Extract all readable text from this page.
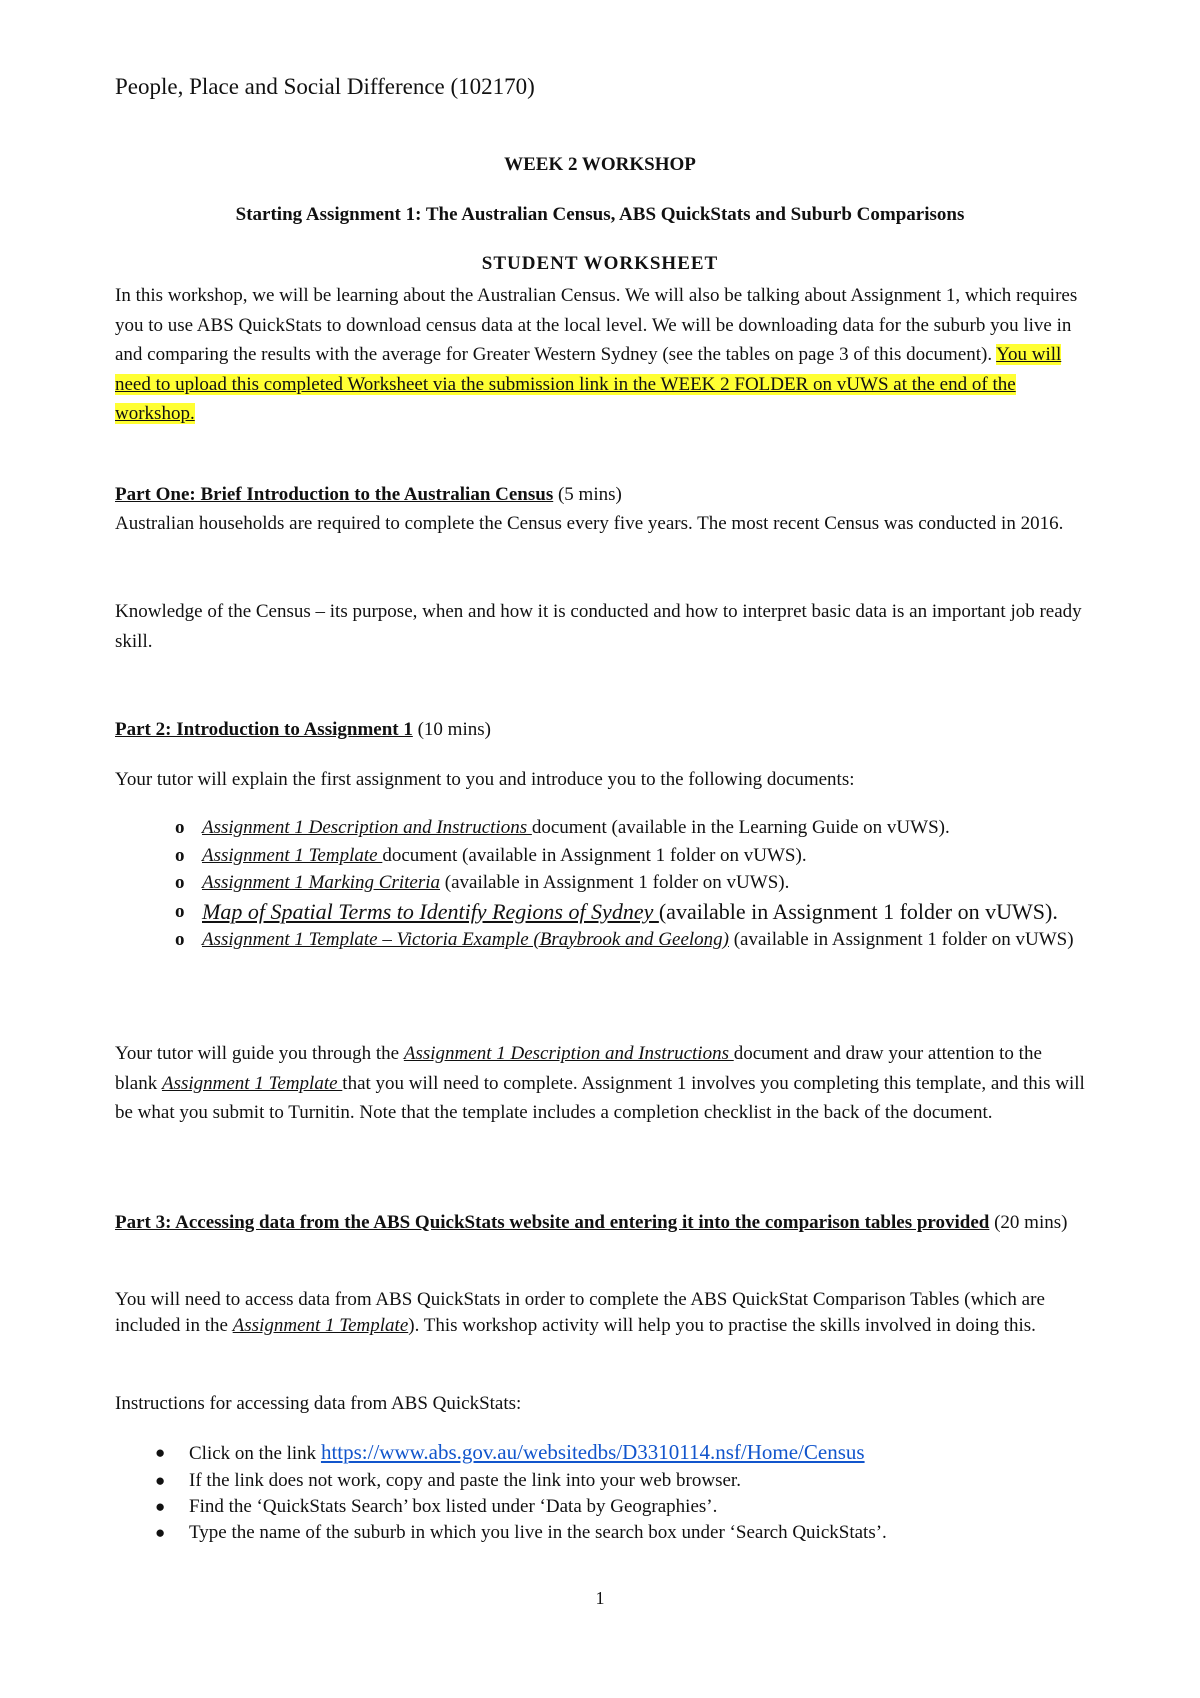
People, Place and Social Difference (102170)

WEEK 2 WORKSHOP

Starting Assignment 1: The Australian Census, ABS QuickStats and Suburb Comparisons

STUDENT WORKSHEET

In this workshop, we will be learning about the Australian Census. We will also be talking about Assignment 1, which requires you to use ABS QuickStats to download census data at the local level. We will be downloading data for the suburb you live in and comparing the results with the average for Greater Western Sydney (see the tables on page 3 of this document). You will need to upload this completed Worksheet via the submission link in the WEEK 2 FOLDER on vUWS at the end of the workshop.

Part One: Brief Introduction to the Australian Census (5 mins)

Australian households are required to complete the Census every five years. The most recent Census was conducted in 2016.

Knowledge of the Census – its purpose, when and how it is conducted and how to interpret basic data is an important job ready skill.

Part 2: Introduction to Assignment 1 (10 mins)

Your tutor will explain the first assignment to you and introduce you to the following documents:

o Assignment 1 Description and Instructions document (available in the Learning Guide on vUWS).
o Assignment 1 Template document (available in Assignment 1 folder on vUWS).
o Assignment 1 Marking Criteria (available in Assignment 1 folder on vUWS).
o Map of Spatial Terms to Identify Regions of Sydney (available in Assignment 1 folder on vUWS).
o Assignment 1 Template – Victoria Example (Braybrook and Geelong) (available in Assignment 1 folder on vUWS)

Your tutor will guide you through the Assignment 1 Description and Instructions document and draw your attention to the blank Assignment 1 Template that you will need to complete. Assignment 1 involves you completing this template, and this will be what you submit to Turnitin. Note that the template includes a completion checklist in the back of the document.

Part 3: Accessing data from the ABS QuickStats website and entering it into the comparison tables provided (20 mins)

You will need to access data from ABS QuickStats in order to complete the ABS QuickStat Comparison Tables (which are included in the Assignment 1 Template). This workshop activity will help you to practise the skills involved in doing this.

Instructions for accessing data from ABS QuickStats:

● Click on the link https://www.abs.gov.au/websitedbs/D3310114.nsf/Home/Census
● If the link does not work, copy and paste the link into your web browser.
● Find the ‘QuickStats Search’ box listed under ‘Data by Geographies’.
● Type the name of the suburb in which you live in the search box under ‘Search QuickStats’.

1
